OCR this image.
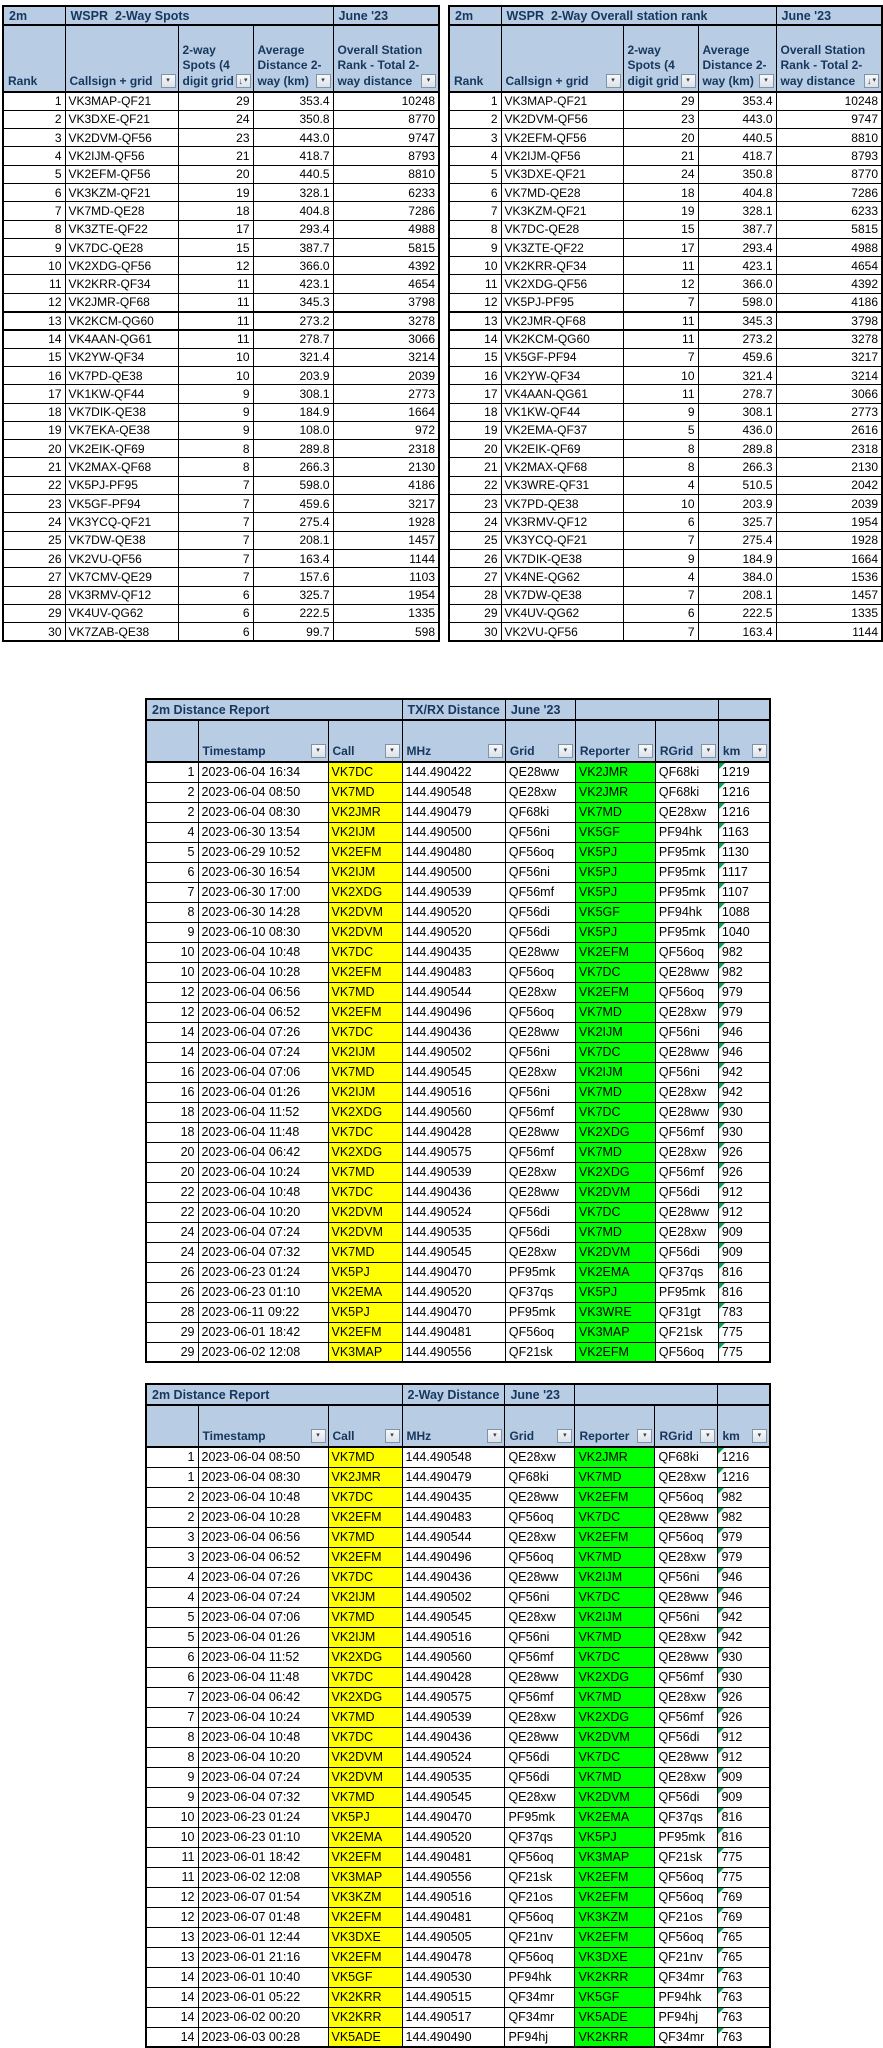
2m	WSPR  2-Way Spots			June '23
Rank	Callsign + grid ▾	2-way Spots (4 digit grid ↓▾	Average Distance 2-way (km) ▾	Overall Station Rank - Total 2-way distance ▾

1	VK3MAP-QF21	29	353.4	10248
2	VK3DXE-QF21	24	350.8	8770
3	VK2DVM-QF56	23	443.0	9747
4	VK2IJM-QF56	21	418.7	8793
5	VK2EFM-QF56	20	440.5	8810
6	VK3KZM-QF21	19	328.1	6233
7	VK7MD-QE28	18	404.8	7286
8	VK3ZTE-QF22	17	293.4	4988
9	VK7DC-QE28	15	387.7	5815
10	VK2XDG-QF56	12	366.0	4392
11	VK2KRR-QF34	11	423.1	4654
12	VK2JMR-QF68	11	345.3	3798
13	VK2KCM-QG60	11	273.2	3278
14	VK4AAN-QG61	11	278.7	3066
15	VK2YW-QF34	10	321.4	3214
16	VK7PD-QE38	10	203.9	2039
17	VK1KW-QF44	9	308.1	2773
18	VK7DIK-QE38	9	184.9	1664
19	VK7EKA-QE38	9	108.0	972
20	VK2EIK-QF69	8	289.8	2318
21	VK2MAX-QF68	8	266.3	2130
22	VK5PJ-PF95	7	598.0	4186
23	VK5GF-PF94	7	459.6	3217
24	VK3YCQ-QF21	7	275.4	1928
25	VK7DW-QE38	7	208.1	1457
26	VK2VU-QF56	7	163.4	1144
27	VK7CMV-QE29	7	157.6	1103
28	VK3RMV-QF12	6	325.7	1954
29	VK4UV-QG62	6	222.5	1335
30	VK7ZAB-QE38	6	99.7	598
2m	WSPR  2-Way Overall station rank			June '23
Rank	Callsign + grid ▾	2-way Spots (4 digit grid ▾	Average Distance 2-way (km) ▾	Overall Station Rank - Total 2-way distance ↓▾

1	VK3MAP-QF21	29	353.4	10248
2	VK2DVM-QF56	23	443.0	9747
3	VK2EFM-QF56	20	440.5	8810
4	VK2IJM-QF56	21	418.7	8793
5	VK3DXE-QF21	24	350.8	8770
6	VK7MD-QE28	18	404.8	7286
7	VK3KZM-QF21	19	328.1	6233
8	VK7DC-QE28	15	387.7	5815
9	VK3ZTE-QF22	17	293.4	4988
10	VK2KRR-QF34	11	423.1	4654
11	VK2XDG-QF56	12	366.0	4392
12	VK5PJ-PF95	7	598.0	4186
13	VK2JMR-QF68	11	345.3	3798
14	VK2KCM-QG60	11	273.2	3278
15	VK5GF-PF94	7	459.6	3217
16	VK2YW-QF34	10	321.4	3214
17	VK4AAN-QG61	11	278.7	3066
18	VK1KW-QF44	9	308.1	2773
19	VK2EMA-QF37	5	436.0	2616
20	VK2EIK-QF69	8	289.8	2318
21	VK2MAX-QF68	8	266.3	2130
22	VK3WRE-QF31	4	510.5	2042
23	VK7PD-QE38	10	203.9	2039
24	VK3RMV-QF12	6	325.7	1954
25	VK3YCQ-QF21	7	275.4	1928
26	VK7DIK-QE38	9	184.9	1664
27	VK4NE-QG62	4	384.0	1536
28	VK7DW-QE38	7	208.1	1457
29	VK4UV-QG62	6	222.5	1335
30	VK2VU-QF56	7	163.4	1144
2m Distance Report			TX/RX Distance	June '23			
	Timestamp ▾	Call ▾	MHz ▾	Grid ▾	Reporter ▾	RGrid ▾	km ▾

1	2023-06-04 16:34	VK7DC	144.490422	QE28ww	VK2JMR	QF68ki	1219
2	2023-06-04 08:50	VK7MD	144.490548	QE28xw	VK2JMR	QF68ki	1216
2	2023-06-04 08:30	VK2JMR	144.490479	QF68ki	VK7MD	QE28xw	1216
4	2023-06-30 13:54	VK2IJM	144.490500	QF56ni	VK5GF	PF94hk	1163
5	2023-06-29 10:52	VK2EFM	144.490480	QF56oq	VK5PJ	PF95mk	1130
6	2023-06-30 16:54	VK2IJM	144.490500	QF56ni	VK5PJ	PF95mk	1117
7	2023-06-30 17:00	VK2XDG	144.490539	QF56mf	VK5PJ	PF95mk	1107
8	2023-06-30 14:28	VK2DVM	144.490520	QF56di	VK5GF	PF94hk	1088
9	2023-06-10 08:30	VK2DVM	144.490520	QF56di	VK5PJ	PF95mk	1040
10	2023-06-04 10:48	VK7DC	144.490435	QE28ww	VK2EFM	QF56oq	982
10	2023-06-04 10:28	VK2EFM	144.490483	QF56oq	VK7DC	QE28ww	982
12	2023-06-04 06:56	VK7MD	144.490544	QE28xw	VK2EFM	QF56oq	979
12	2023-06-04 06:52	VK2EFM	144.490496	QF56oq	VK7MD	QE28xw	979
14	2023-06-04 07:26	VK7DC	144.490436	QE28ww	VK2IJM	QF56ni	946
14	2023-06-04 07:24	VK2IJM	144.490502	QF56ni	VK7DC	QE28ww	946
16	2023-06-04 07:06	VK7MD	144.490545	QE28xw	VK2IJM	QF56ni	942
16	2023-06-04 01:26	VK2IJM	144.490516	QF56ni	VK7MD	QE28xw	942
18	2023-06-04 11:52	VK2XDG	144.490560	QF56mf	VK7DC	QE28ww	930
18	2023-06-04 11:48	VK7DC	144.490428	QE28ww	VK2XDG	QF56mf	930
20	2023-06-04 06:42	VK2XDG	144.490575	QF56mf	VK7MD	QE28xw	926
20	2023-06-04 10:24	VK7MD	144.490539	QE28xw	VK2XDG	QF56mf	926
22	2023-06-04 10:48	VK7DC	144.490436	QE28ww	VK2DVM	QF56di	912
22	2023-06-04 10:20	VK2DVM	144.490524	QF56di	VK7DC	QE28ww	912
24	2023-06-04 07:24	VK2DVM	144.490535	QF56di	VK7MD	QE28xw	909
24	2023-06-04 07:32	VK7MD	144.490545	QE28xw	VK2DVM	QF56di	909
26	2023-06-23 01:24	VK5PJ	144.490470	PF95mk	VK2EMA	QF37qs	816
26	2023-06-23 01:10	VK2EMA	144.490520	QF37qs	VK5PJ	PF95mk	816
28	2023-06-11 09:22	VK5PJ	144.490470	PF95mk	VK3WRE	QF31gt	783
29	2023-06-01 18:42	VK2EFM	144.490481	QF56oq	VK3MAP	QF21sk	775
29	2023-06-02 12:08	VK3MAP	144.490556	QF21sk	VK2EFM	QF56oq	775
2m Distance Report			2-Way Distance	June '23			
	Timestamp ▾	Call ▾	MHz ▾	Grid ▾	Reporter ▾	RGrid ▾	km ▾

1	2023-06-04 08:50	VK7MD	144.490548	QE28xw	VK2JMR	QF68ki	1216
1	2023-06-04 08:30	VK2JMR	144.490479	QF68ki	VK7MD	QE28xw	1216
2	2023-06-04 10:48	VK7DC	144.490435	QE28ww	VK2EFM	QF56oq	982
2	2023-06-04 10:28	VK2EFM	144.490483	QF56oq	VK7DC	QE28ww	982
3	2023-06-04 06:56	VK7MD	144.490544	QE28xw	VK2EFM	QF56oq	979
3	2023-06-04 06:52	VK2EFM	144.490496	QF56oq	VK7MD	QE28xw	979
4	2023-06-04 07:26	VK7DC	144.490436	QE28ww	VK2IJM	QF56ni	946
4	2023-06-04 07:24	VK2IJM	144.490502	QF56ni	VK7DC	QE28ww	946
5	2023-06-04 07:06	VK7MD	144.490545	QE28xw	VK2IJM	QF56ni	942
5	2023-06-04 01:26	VK2IJM	144.490516	QF56ni	VK7MD	QE28xw	942
6	2023-06-04 11:52	VK2XDG	144.490560	QF56mf	VK7DC	QE28ww	930
6	2023-06-04 11:48	VK7DC	144.490428	QE28ww	VK2XDG	QF56mf	930
7	2023-06-04 06:42	VK2XDG	144.490575	QF56mf	VK7MD	QE28xw	926
7	2023-06-04 10:24	VK7MD	144.490539	QE28xw	VK2XDG	QF56mf	926
8	2023-06-04 10:48	VK7DC	144.490436	QE28ww	VK2DVM	QF56di	912
8	2023-06-04 10:20	VK2DVM	144.490524	QF56di	VK7DC	QE28ww	912
9	2023-06-04 07:24	VK2DVM	144.490535	QF56di	VK7MD	QE28xw	909
9	2023-06-04 07:32	VK7MD	144.490545	QE28xw	VK2DVM	QF56di	909
10	2023-06-23 01:24	VK5PJ	144.490470	PF95mk	VK2EMA	QF37qs	816
10	2023-06-23 01:10	VK2EMA	144.490520	QF37qs	VK5PJ	PF95mk	816
11	2023-06-01 18:42	VK2EFM	144.490481	QF56oq	VK3MAP	QF21sk	775
11	2023-06-02 12:08	VK3MAP	144.490556	QF21sk	VK2EFM	QF56oq	775
12	2023-06-07 01:54	VK3KZM	144.490516	QF21os	VK2EFM	QF56oq	769
12	2023-06-07 01:48	VK2EFM	144.490481	QF56oq	VK3KZM	QF21os	769
13	2023-06-01 12:44	VK3DXE	144.490505	QF21nv	VK2EFM	QF56oq	765
13	2023-06-01 21:16	VK2EFM	144.490478	QF56oq	VK3DXE	QF21nv	765
14	2023-06-01 10:40	VK5GF	144.490530	PF94hk	VK2KRR	QF34mr	763
14	2023-06-01 05:22	VK2KRR	144.490515	QF34mr	VK5GF	PF94hk	763
14	2023-06-02 00:20	VK2KRR	144.490517	QF34mr	VK5ADE	PF94hj	763
14	2023-06-03 00:28	VK5ADE	144.490490	PF94hj	VK2KRR	QF34mr	763
